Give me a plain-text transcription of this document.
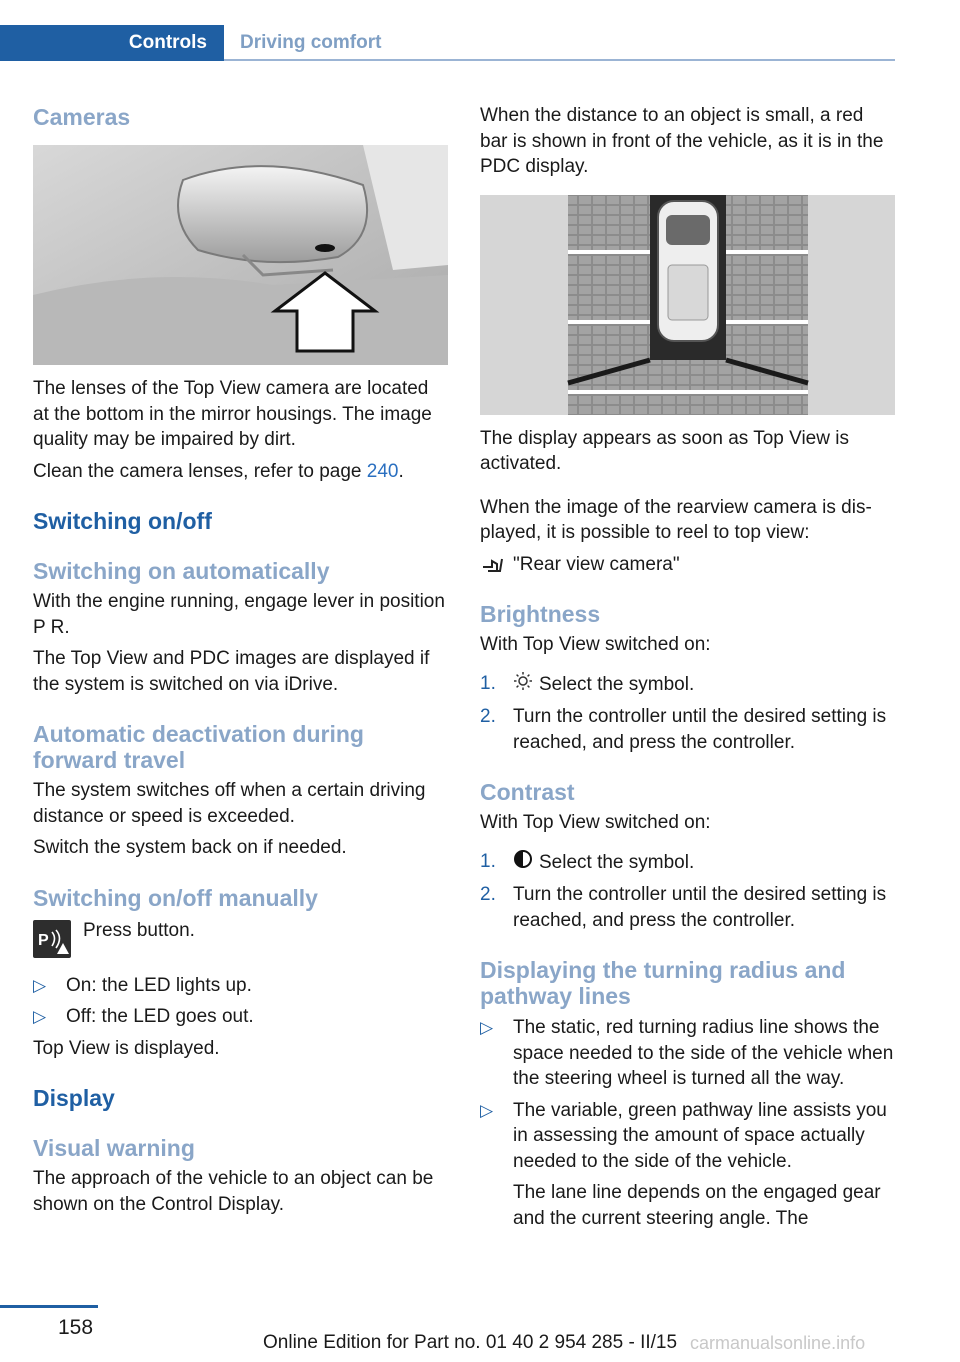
Controls	Driving comfort
Cameras

The lenses of the Top View camera are located at the bottom in the mirror housings. The image quality may be impaired by dirt.

Clean the camera lenses, refer to page 240.

Switching on/off
Switching on automatically

With the engine running, engage lever in position P R.

The Top View and PDC images are displayed if the system is switched on via iDrive.

Automatic deactivation during forward travel

The system switches off when a certain driving distance or speed is exceeded.

Switch the system back on if needed.

Switching on/off manually
P Press button.

▷ On: the LED lights up.
▷ Off: the LED goes out.

Top View is displayed.

Display
Visual warning

The approach of the vehicle to an object can be shown on the Control Display.

When the distance to an object is small, a red bar is shown in front of the vehicle, as it is in the PDC display.

The display appears as soon as Top View is activated.

When the image of the rearview camera is displayed, it is possible to reel to top view:

"Rear view camera"

Brightness

With Top View switched on:

1. Select the symbol.
2. Turn the controller until the desired setting is reached, and press the controller.
Contrast

With Top View switched on:

1. Select the symbol.
2. Turn the controller until the desired setting is reached, and press the controller.
Displaying the turning radius and pathway lines
▷ The static, red turning radius line shows the space needed to the side of the vehicle when the steering wheel is turned all the way.
▷ The variable, green pathway line assists you in assessing the amount of space actually needed to the side of the vehicle.

The lane line depends on the engaged gear and the current steering angle. The

158
Online Edition for Part no. 01 40 2 954 285 - II/15 carmanualsonline.info
